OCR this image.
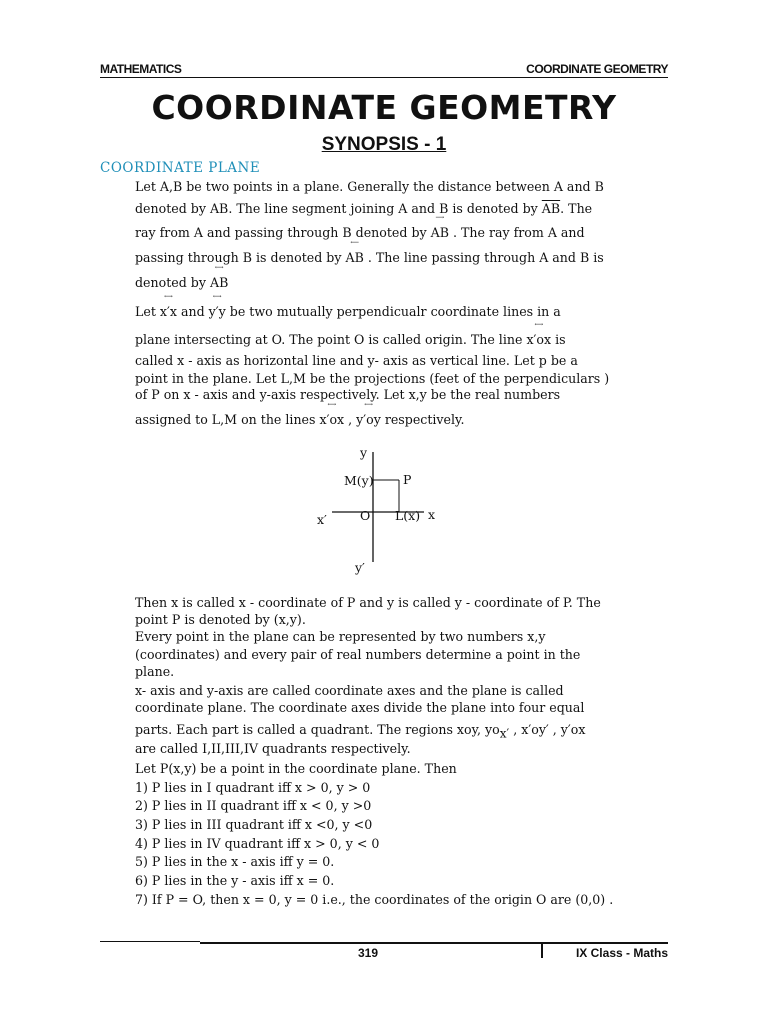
MATHEMATICS	COORDINATE GEOMETRY
COORDINATE GEOMETRY
SYNOPSIS - 1
COORDINATE PLANE
Let A,B be two points in a plane. Generally the distance between A and B
denoted by AB. The line segment joining A and B is denoted by $\overline{AB}$. The
ray from A and passing through B denoted by
⟶
AB . The ray from A and
passing through B is denoted by
⟵
AB . The line passing through A and B is
denoted by
⟷
AB
Let
⟷
x′x and
⟷
y′y be two mutually perpendicualr coordinate lines in a
plane intersecting at O. The point O is called origin. The line
⟷
x′ox is
called x - axis as horizontal line and y- axis as vertical line. Let p be a
point in the plane. Let L,M be the projections (feet of the perpendiculars )
of P on x - axis and y-axis respectively. Let x,y be the real numbers
assigned to L,M on the lines
⟷
x′ox ,
⟷
y′oy respectively.
y
y′
x
x′	O
M(y) P
L(x)
Then x is called x - coordinate of P and y is called y - coordinate of P. The
point P is denoted by (x,y).
Every point in the plane can be represented by two numbers x,y
(coordinates) and every pair of real numbers determine a point in the
plane.
x- axis and y-axis are called coordinate axes and the plane is called
coordinate plane. The coordinate axes divide the plane into four equal
parts. Each part is called a quadrant. The regions xoy, $yo_{x'}$ , x′oy′ , y′ox
are called I,II,III,IV quadrants respectively.
Let P(x,y) be a point in the coordinate plane. Then
1) P lies in I quadrant iff x > 0, y > 0
2) P lies in II quadrant iff x < 0, y >0
3) P lies in III quadrant iff x <0, y <0
4) P lies in IV quadrant iff x > 0, y < 0
5) P lies in the x - axis iff y = 0.
6) P lies in the y - axis iff x = 0.
7) If P = O, then x = 0, y = 0 i.e., the coordinates of the origin O are (0,0) .
319	IX Class - Maths
